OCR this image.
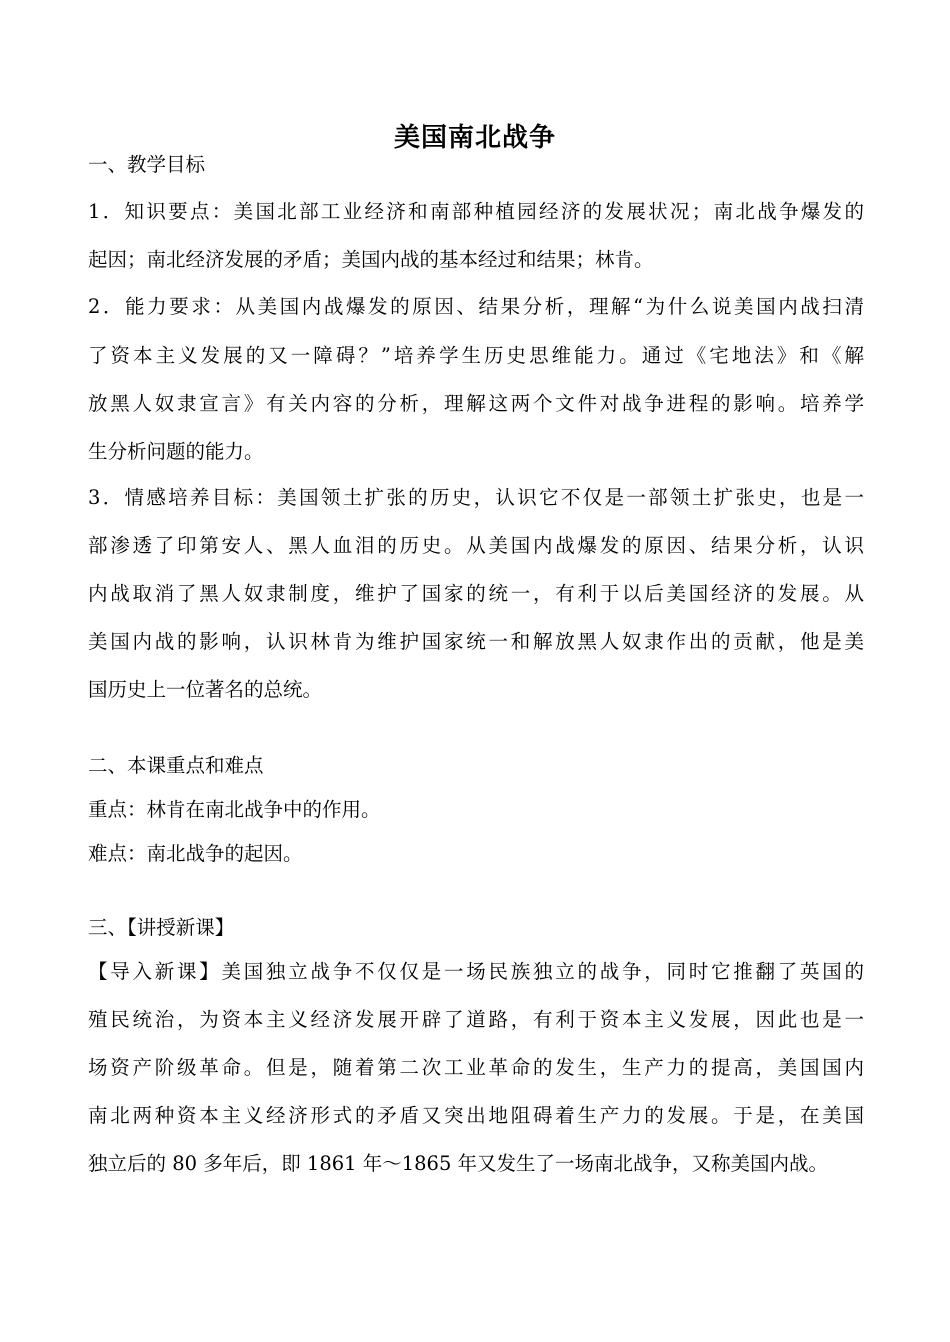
美国南北战争
一、教学目标
1．知识要点：美国北部工业经济和南部种植园经济的发展状况；南北战争爆发的
起因；南北经济发展的矛盾；美国内战的基本经过和结果；林肯。
2．能力要求：从美国内战爆发的原因、结果分析，理解“为什么说美国内战扫清
了资本主义发展的又一障碍？”培养学生历史思维能力。通过《宅地法》和《解
放黑人奴隶宣言》有关内容的分析，理解这两个文件对战争进程的影响。培养学
生分析问题的能力。
3．情感培养目标：美国领土扩张的历史，认识它不仅是一部领土扩张史，也是一
部渗透了印第安人、黑人血泪的历史。从美国内战爆发的原因、结果分析，认识
内战取消了黑人奴隶制度，维护了国家的统一，有利于以后美国经济的发展。从
美国内战的影响，认识林肯为维护国家统一和解放黑人奴隶作出的贡献，他是美
国历史上一位著名的总统。
二、本课重点和难点
重点：林肯在南北战争中的作用。
难点：南北战争的起因。
三、【讲授新课】
【导入新课】美国独立战争不仅仅是一场民族独立的战争，同时它推翻了英国的
殖民统治，为资本主义经济发展开辟了道路，有利于资本主义发展，因此也是一
场资产阶级革命。但是，随着第二次工业革命的发生，生产力的提高，美国国内
南北两种资本主义经济形式的矛盾又突出地阻碍着生产力的发展。于是，在美国
独立后的 80 多年后，即 1861 年～1865 年又发生了一场南北战争，又称美国内战。
